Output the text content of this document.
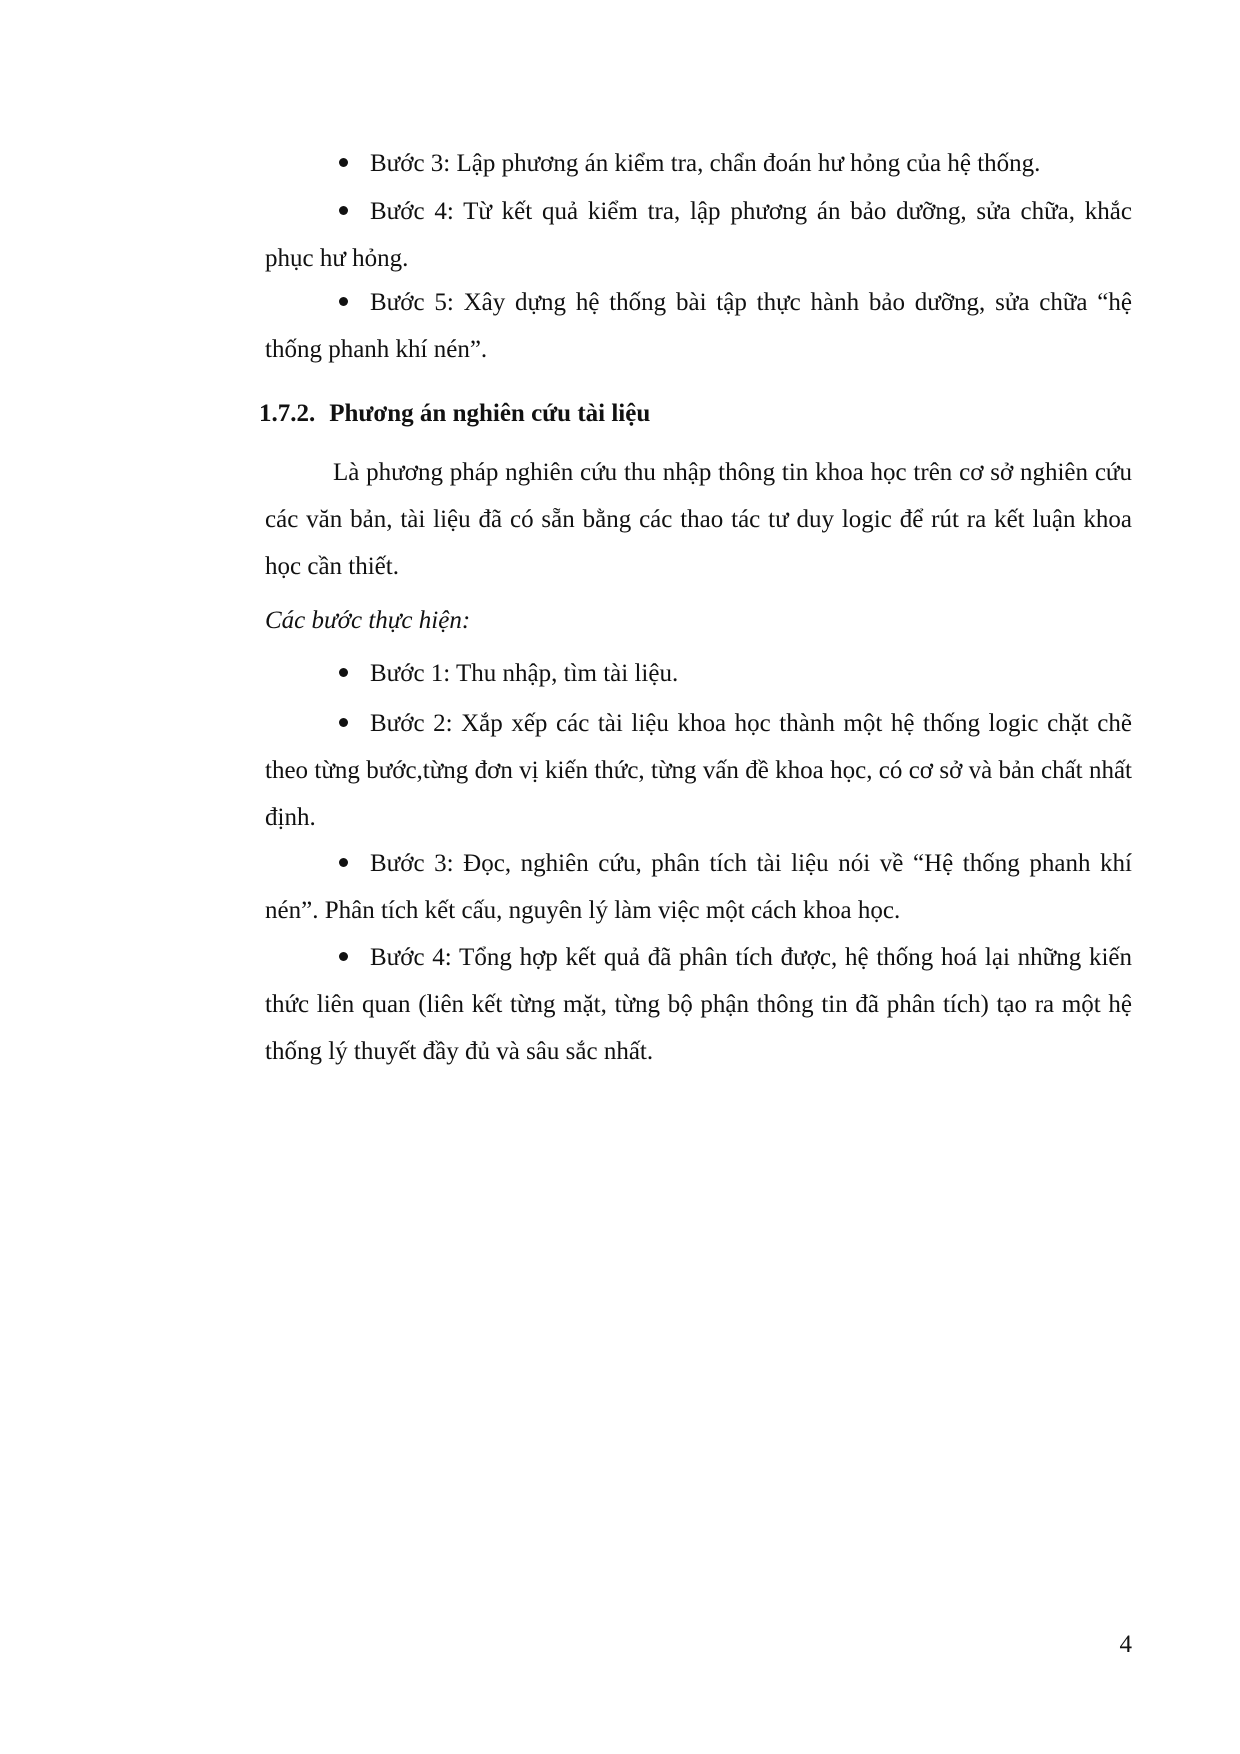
Bước 3: Lập phương án kiểm tra, chẩn đoán hư hỏng của hệ thống.
Bước 4: Từ kết quả kiểm tra, lập phương án bảo dưỡng, sửa chữa, khắc phục hư hỏng.
Bước 5: Xây dựng hệ thống bài tập thực hành bảo dưỡng, sửa chữa “hệ thống phanh khí nén”.
1.7.2. Phương án nghiên cứu tài liệu
Là phương pháp nghiên cứu thu nhập thông tin khoa học trên cơ sở nghiên cứu các văn bản, tài liệu đã có sẵn bằng các thao tác tư duy logic để rút ra kết luận khoa học cần thiết.
Các bước thực hiện:
Bước 1: Thu nhập, tìm tài liệu.
Bước 2: Xắp xếp các tài liệu khoa học thành một hệ thống logic chặt chẽ theo từng bước,từng đơn vị kiến thức, từng vấn đề khoa học, có cơ sở và bản chất nhất định.
Bước 3: Đọc, nghiên cứu, phân tích tài liệu nói về “Hệ thống phanh khí nén”. Phân tích kết cấu, nguyên lý làm việc một cách khoa học.
Bước 4: Tổng hợp kết quả đã phân tích được, hệ thống hoá lại những kiến thức liên quan (liên kết từng mặt, từng bộ phận thông tin đã phân tích) tạo ra một hệ thống lý thuyết đầy đủ và sâu sắc nhất.
4
